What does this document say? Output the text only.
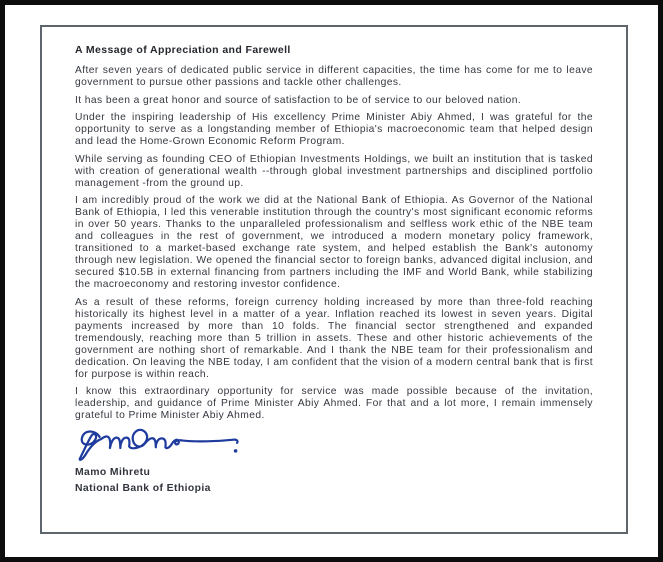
A Message of Appreciation and Farewell

After seven years of dedicated public service in different capacities, the time has come for me to leave government to pursue other passions and tackle other challenges.

It has been a great honor and source of satisfaction to be of service to our beloved nation.

Under the inspiring leadership of His excellency Prime Minister Abiy Ahmed, I was grateful for the opportunity to serve as a longstanding member of Ethiopia's macroeconomic team that helped design and lead the Home-Grown Economic Reform Program.

While serving as founding CEO of Ethiopian Investments Holdings, we built an institution that is tasked with creation of generational wealth --through global investment partnerships and disciplined portfolio management -from the ground up.

I am incredibly proud of the work we did at the National Bank of Ethiopia. As Governor of the National Bank of Ethiopia, I led this venerable institution through the country's most significant economic reforms in over 50 years. Thanks to the unparalleled professionalism and selfless work ethic of the NBE team and colleagues in the rest of government, we introduced a modern monetary policy framework, transitioned to a market-based exchange rate system, and helped establish the Bank's autonomy through new legislation. We opened the financial sector to foreign banks, advanced digital inclusion, and secured $10.5B in external financing from partners including the IMF and World Bank, while stabilizing the macroeconomy and restoring investor confidence.

As a result of these reforms, foreign currency holding increased by more than three-fold reaching historically its highest level in a matter of a year. Inflation reached its lowest in seven years. Digital payments increased by more than 10 folds. The financial sector strengthened and expanded tremendously, reaching more than 5 trillion in assets. These and other historic achievements of the government are nothing short of remarkable. And I thank the NBE team for their professionalism and dedication. On leaving the NBE today, I am confident that the vision of a modern central bank that is first for purpose is within reach.

I know this extraordinary opportunity for service was made possible because of the invitation, leadership, and guidance of Prime Minister Abiy Ahmed. For that and a lot more, I remain immensely grateful to Prime Minister Abiy Ahmed.

Mamo Mihretu

National Bank of Ethiopia
